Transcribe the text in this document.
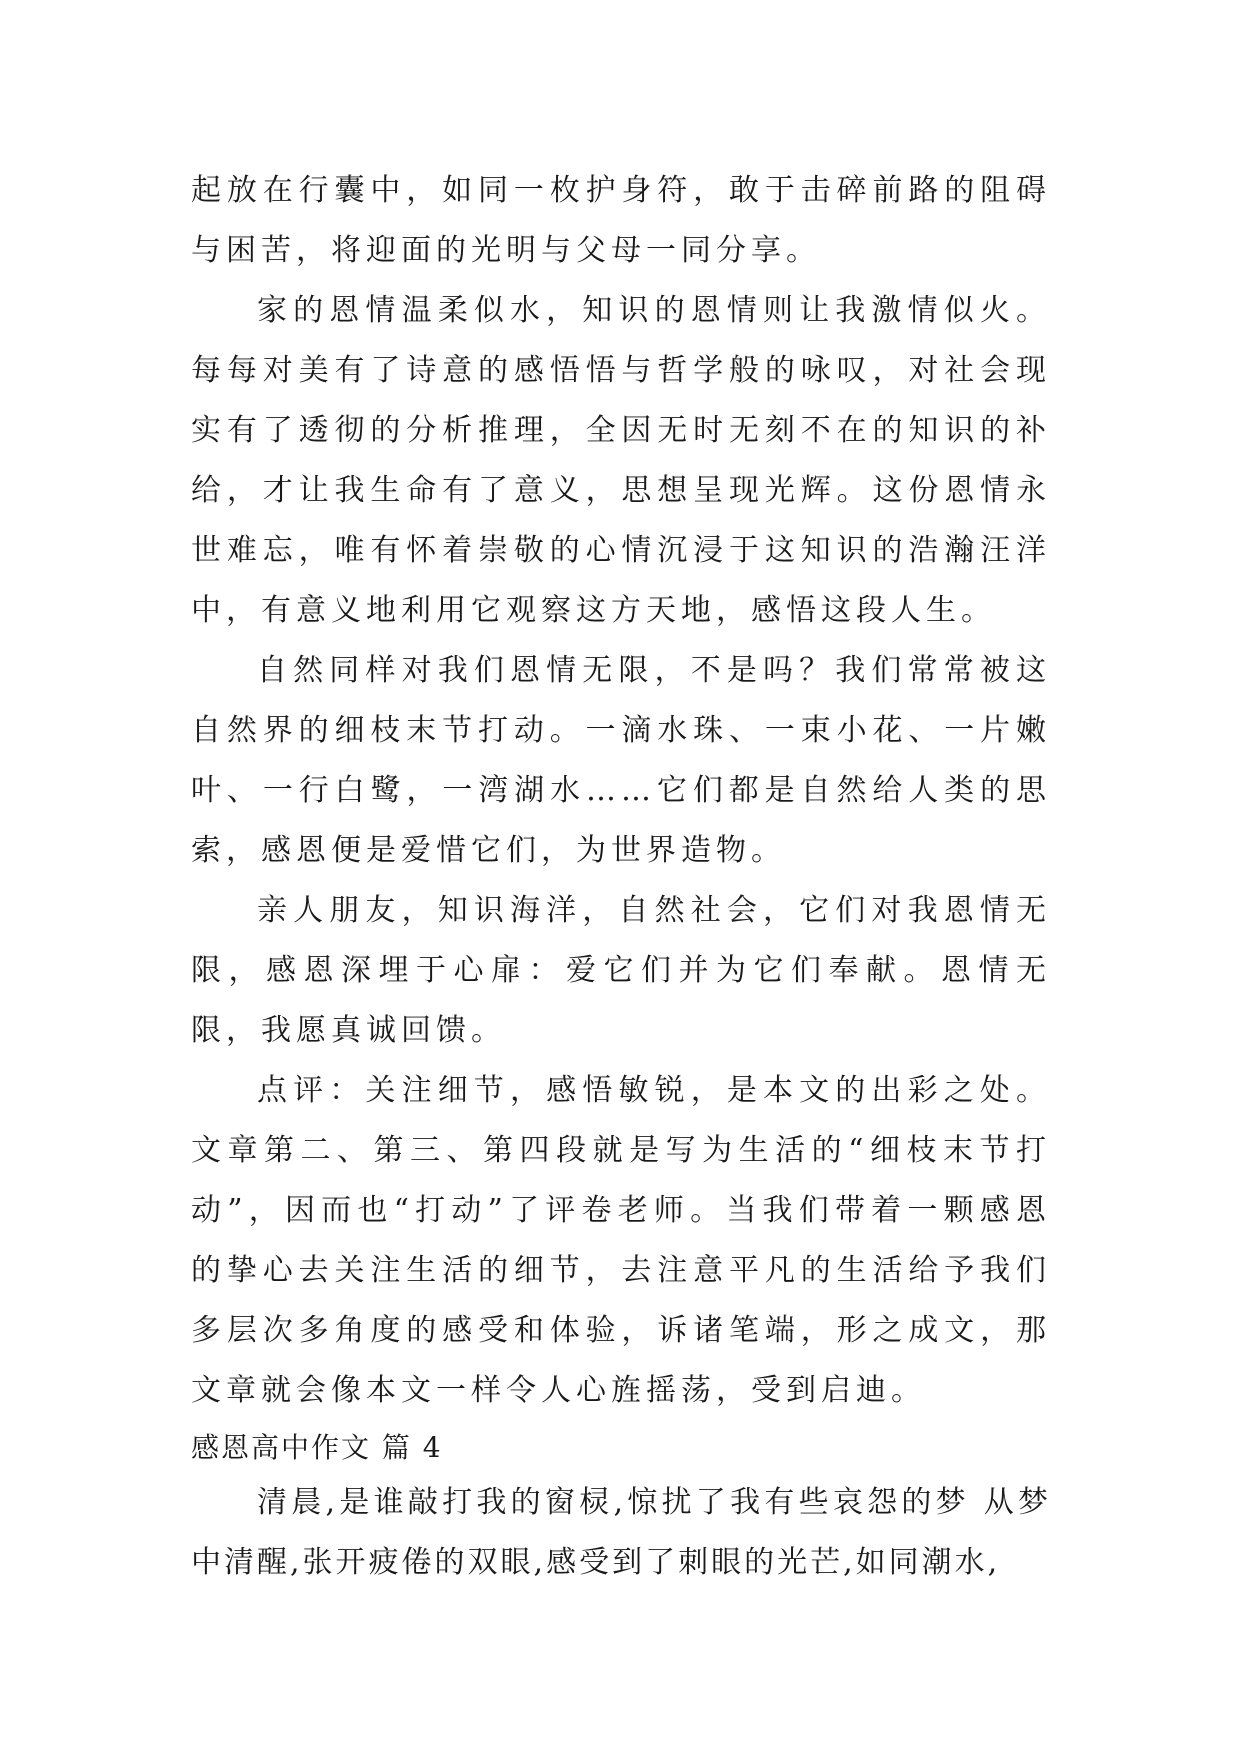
起放在行囊中，如同一枚护身符，敢于击碎前路的阻碍与困苦，将迎面的光明与父母一同分享。

家的恩情温柔似水，知识的恩情则让我激情似火。每每对美有了诗意的感悟悟与哲学般的咏叹，对社会现实有了透彻的分析推理，全因无时无刻不在的知识的补给，才让我生命有了意义，思想呈现光辉。这份恩情永世难忘，唯有怀着崇敬的心情沉浸于这知识的浩瀚汪洋中，有意义地利用它观察这方天地，感悟这段人生。

自然同样对我们恩情无限，不是吗？我们常常被这自然界的细枝末节打动。一滴水珠、一束小花、一片嫩叶、一行白鹭，一湾湖水……它们都是自然给人类的思索，感恩便是爱惜它们，为世界造物。

亲人朋友，知识海洋，自然社会，它们对我恩情无限，感恩深埋于心扉：爱它们并为它们奉献。恩情无限，我愿真诚回馈。

点评：关注细节，感悟敏锐，是本文的出彩之处。文章第二、第三、第四段就是写为生活的“细枝末节打动”，因而也“打动”了评卷老师。当我们带着一颗感恩的挚心去关注生活的细节，去注意平凡的生活给予我们多层次多角度的感受和体验，诉诸笔端，形之成文，那文章就会像本文一样令人心旌摇荡，受到启迪。

感恩高中作文 篇 4

清晨,是谁敲打我的窗棂,惊扰了我有些哀怨的梦 从梦中清醒,张开疲倦的双眼,感受到了刺眼的光芒,如同潮水,
